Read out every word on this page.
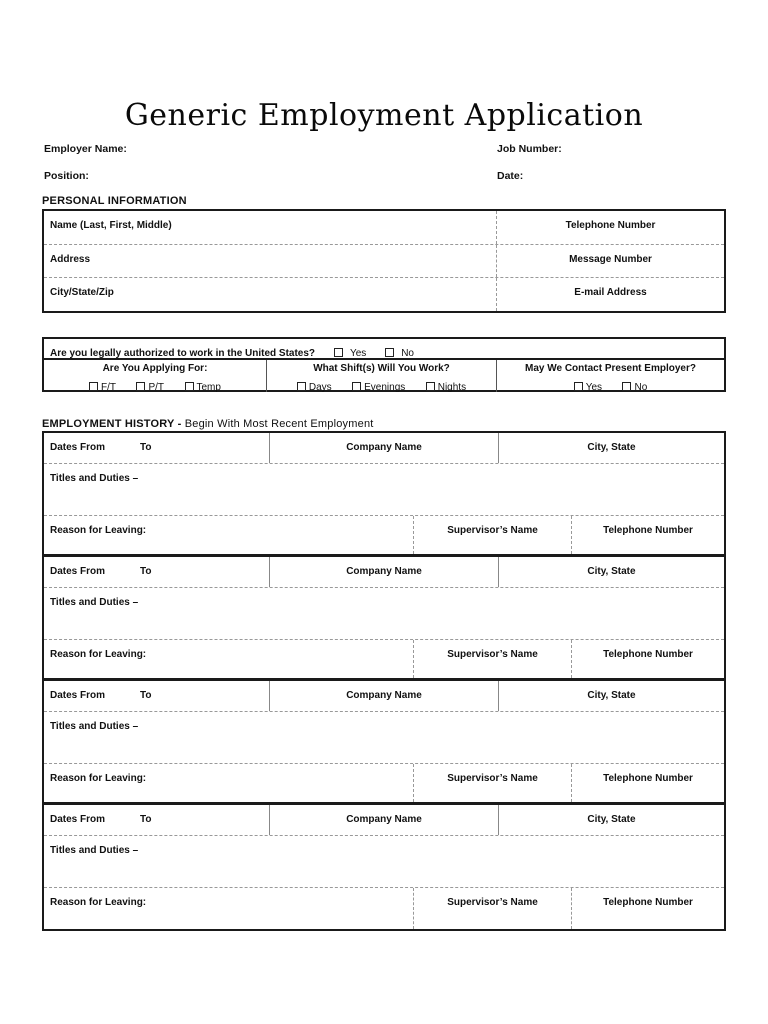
Generic Employment Application
Employer Name:	Job Number:
Position:	Date:
PERSONAL INFORMATION
Name (Last, First, Middle)	Telephone Number
Address	Message Number
City/State/Zip	E-mail Address
Are you legally authorized to work in the United States?	Yes	No
Are You Applying For:
F/T	P/T	Temp
What Shift(s) Will You Work?
Days	Evenings	Nights
May We Contact Present Employer?
Yes	No
EMPLOYMENT HISTORY - Begin With Most Recent Employment
Dates From	To	Company Name	City, State
Titles and Duties –
Reason for Leaving:	Supervisor’s Name	Telephone Number
Dates From	To	Company Name	City, State
Titles and Duties –
Reason for Leaving:	Supervisor’s Name	Telephone Number
Dates From	To	Company Name	City, State
Titles and Duties –
Reason for Leaving:	Supervisor’s Name	Telephone Number
Dates From	To	Company Name	City, State
Titles and Duties –
Reason for Leaving:	Supervisor’s Name	Telephone Number
